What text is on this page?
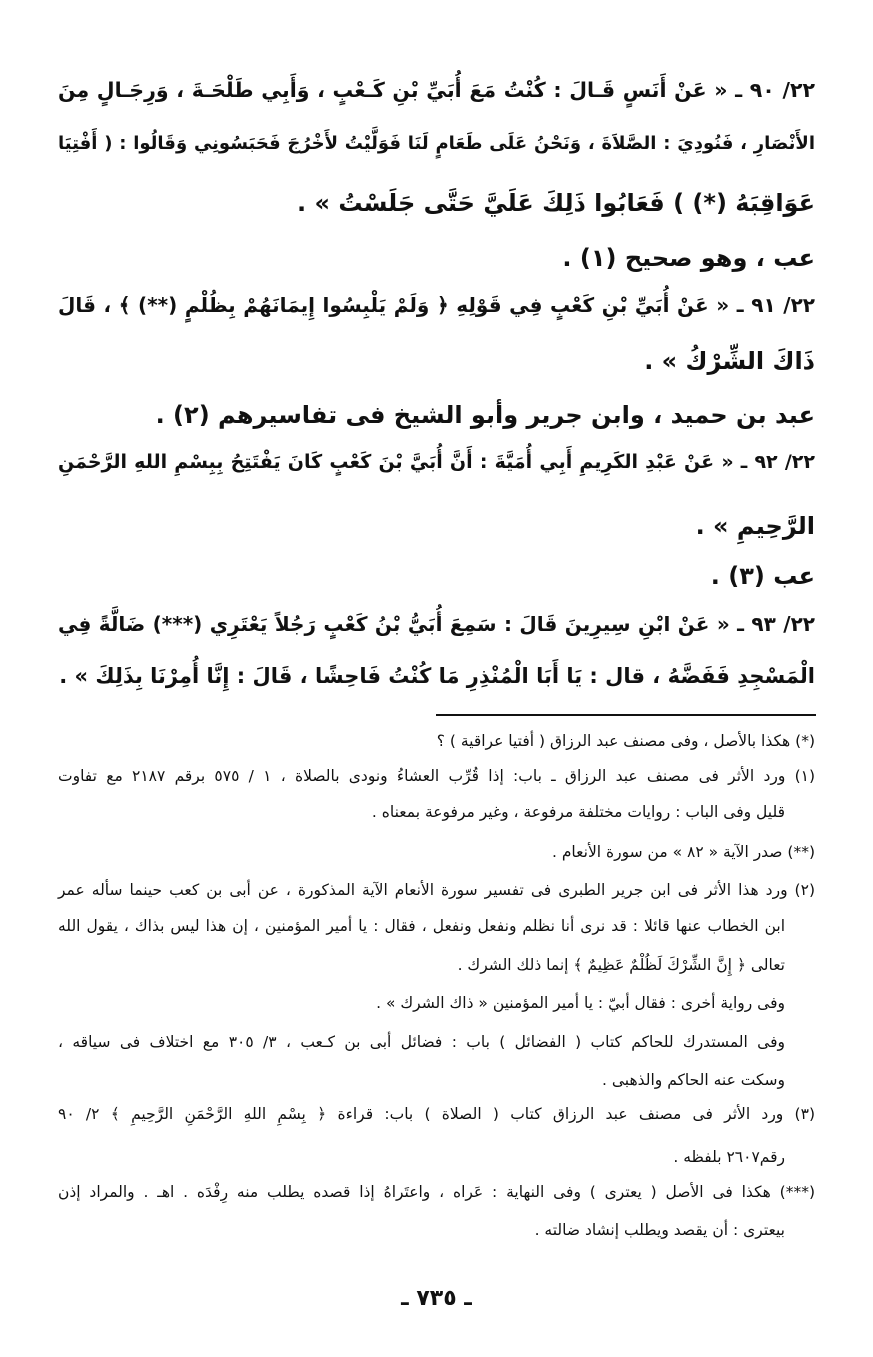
٢٢/ ٩٠ ـ « عَنْ أَنَسٍ قَـالَ : كُنْتُ مَعَ أُبَيِّ بْنِ كَـعْبٍ ، وَأَبِي طَلْحَـةَ ، وَرِجَـالٍ مِنَ
الأَنْصَارِ ، فَنُودِيَ : الصَّلاَةَ ، وَنَحْنُ عَلَى طَعَامٍ لَنَا فَوَلَّيْتُ لأَخْرُجَ فَحَبَسُونِي وَقَالُوا : ( أَفْتِيَا
عَوَاقِبَهُ (*) ) فَعَابُوا ذَلِكَ عَلَيَّ حَتَّى جَلَسْتُ » .
عب ، وهو صحيح (١) .
٢٢/ ٩١ ـ « عَنْ أُبَيِّ بْنِ كَعْبٍ فِي قَوْلِهِ ﴿ وَلَمْ يَلْبِسُوا إِيمَانَهُمْ بِظُلْمٍ (**) ﴾ ، قَالَ
ذَاكَ الشِّرْكُ » .
عبد بن حميد ، وابن جرير وأبو الشيخ فى تفاسيرهم (٢) .
٢٢/ ٩٢ ـ « عَنْ عَبْدِ الكَرِيمِ أَبِي أُمَيَّةَ : أَنَّ أُبَيَّ بْنَ كَعْبٍ كَانَ يَفْتَتِحُ بِبِسْمِ اللهِ الرَّحْمَنِ
الرَّحِيمِ » .
عب (٣) .
٢٢/ ٩٣ ـ « عَنْ ابْنِ سِيرِينَ قَالَ : سَمِعَ أُبَيُّ بْنُ كَعْبٍ رَجُلاً يَعْتَرِي (***) ضَالَّةً فِي
الْمَسْجِدِ فَفَضَّهُ ، قال : يَا أَبَا الْمُنْذِرِ مَا كُنْتُ فَاحِشًا ، قَالَ : إِنَّا أُمِرْنَا بِذَلِكَ » .
(*) هكذا بالأصل ، وفى مصنف عبد الرزاق ( أفتيا عراقية ) ؟
(١) ورد الأثر فى مصنف عبد الرزاق ـ باب: إذا قُرِّب العشاءُ ونودى بالصلاة ، ١ / ٥٧٥ برقم ٢١٨٧ مع تفاوت
قليل وفى الباب : روايات مختلفة مرفوعة ، وغير مرفوعة بمعناه .
(**) صدر الآية « ٨٢ » من سورة الأنعام .
(٢) ورد هذا الأثر فى ابن جرير الطبرى فى تفسير سورة الأنعام الآية المذكورة ، عن أبى بن كعب حينما سأله عمر
ابن الخطاب عنها قائلا : قد نرى أنا نظلم ونفعل ونفعل ، فقال : يا أمير المؤمنين ، إن هذا ليس بذاك ، يقول الله
تعالى ﴿ إِنَّ الشِّرْكَ لَظُلْمٌ عَظِيمٌ ﴾ إنما ذلك الشرك .
وفى رواية أخرى : فقال أبيّ : يا أمير المؤمنين « ذاك الشرك » .
وفى المستدرك للحاكم كتاب ( الفضائل ) باب : فضائل أبى بن كـعب ، ٣/ ٣٠٥ مع اختلاف فى سياقه ،
وسكت عنه الحاكم والذهبى .
(٣) ورد الأثر فى مصنف عبد الرزاق كتاب ( الصلاة ) باب: قراءة ﴿ بِسْمِ اللهِ الرَّحْمَنِ الرَّحِيمِ ﴾ ٢/ ٩٠
رقم٢٦٠٧ بلفظه .
(***) هكذا فى الأصل ( يعترى ) وفى النهاية : عَراه ، واعتَراهُ إذا قصده يطلب منه رِفْدَه . اهـ . والمراد إذن
بيعترى : أن يقصد ويطلب إنشاد ضالته .
ـ ٧٣٥ ـ
